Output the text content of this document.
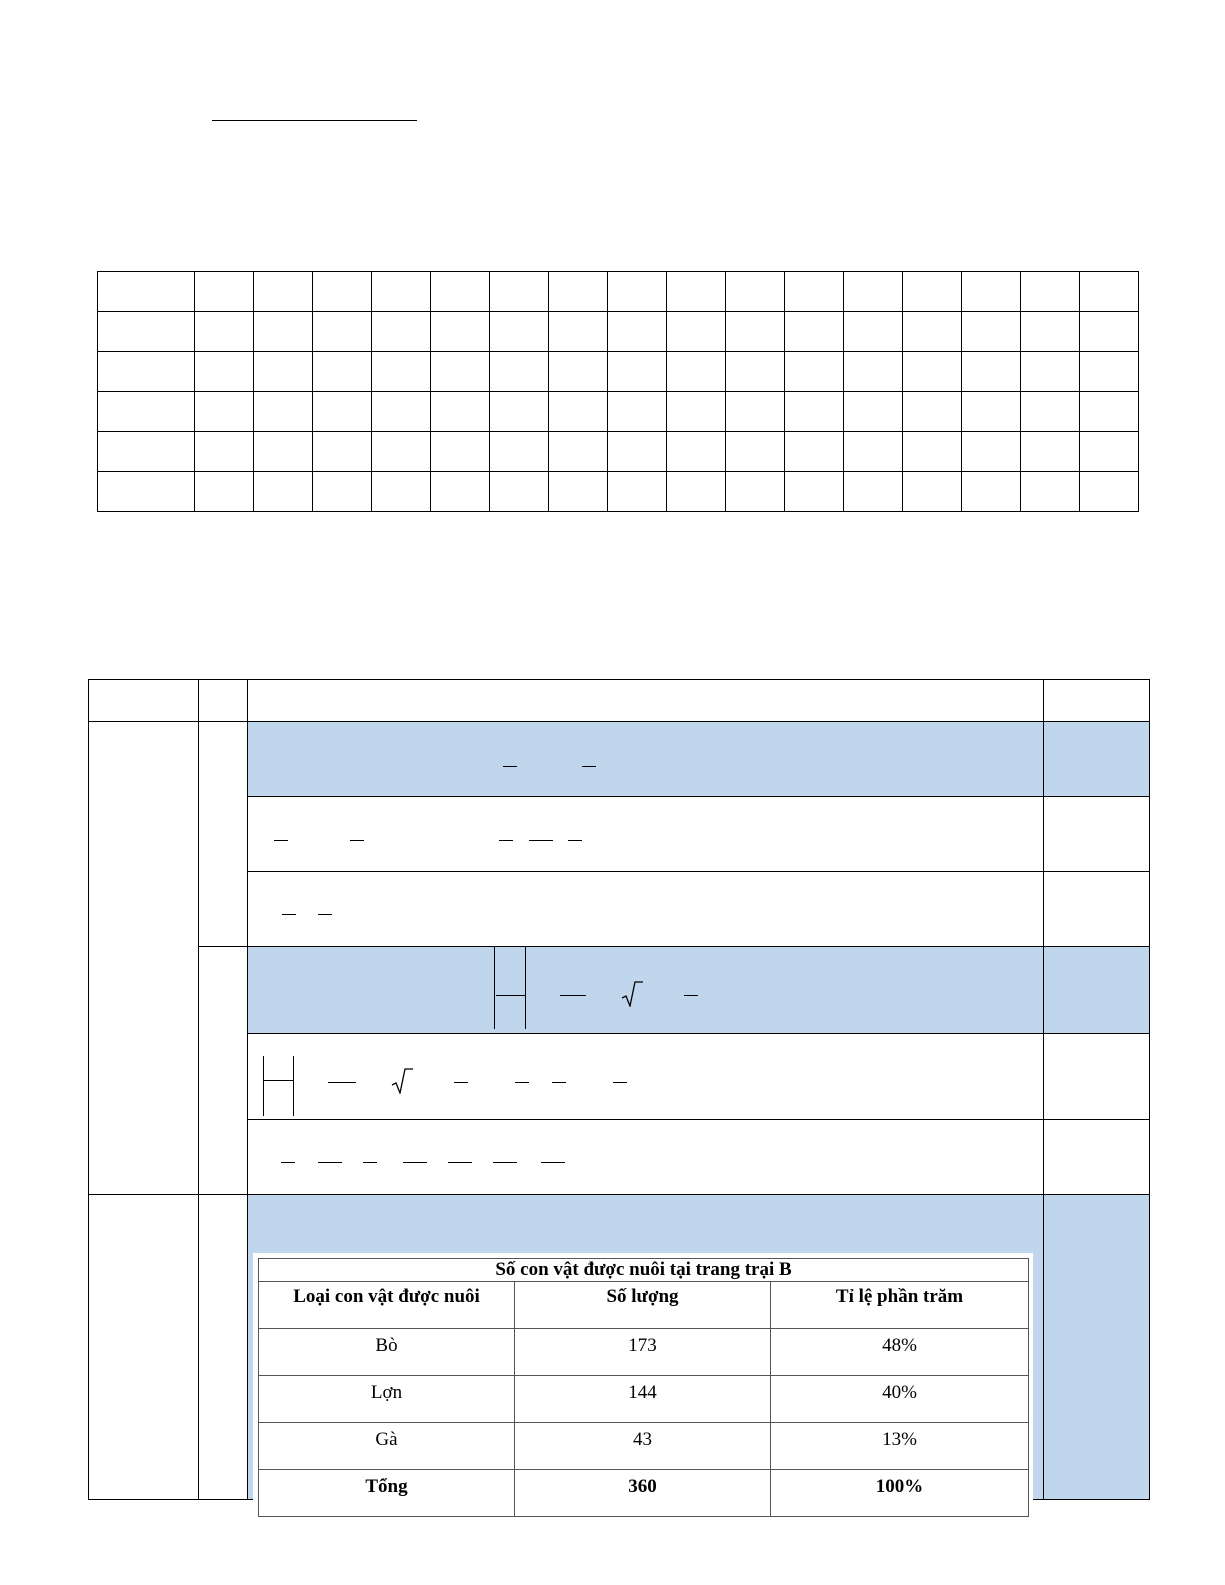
Số con vật được nuôi tại trang trại B
Loại con vật được nuôi	Số lượng	Tỉ lệ phần trăm
Bò	173	48%
Lợn	144	40%
Gà	43	13%
Tổng	360	100%
